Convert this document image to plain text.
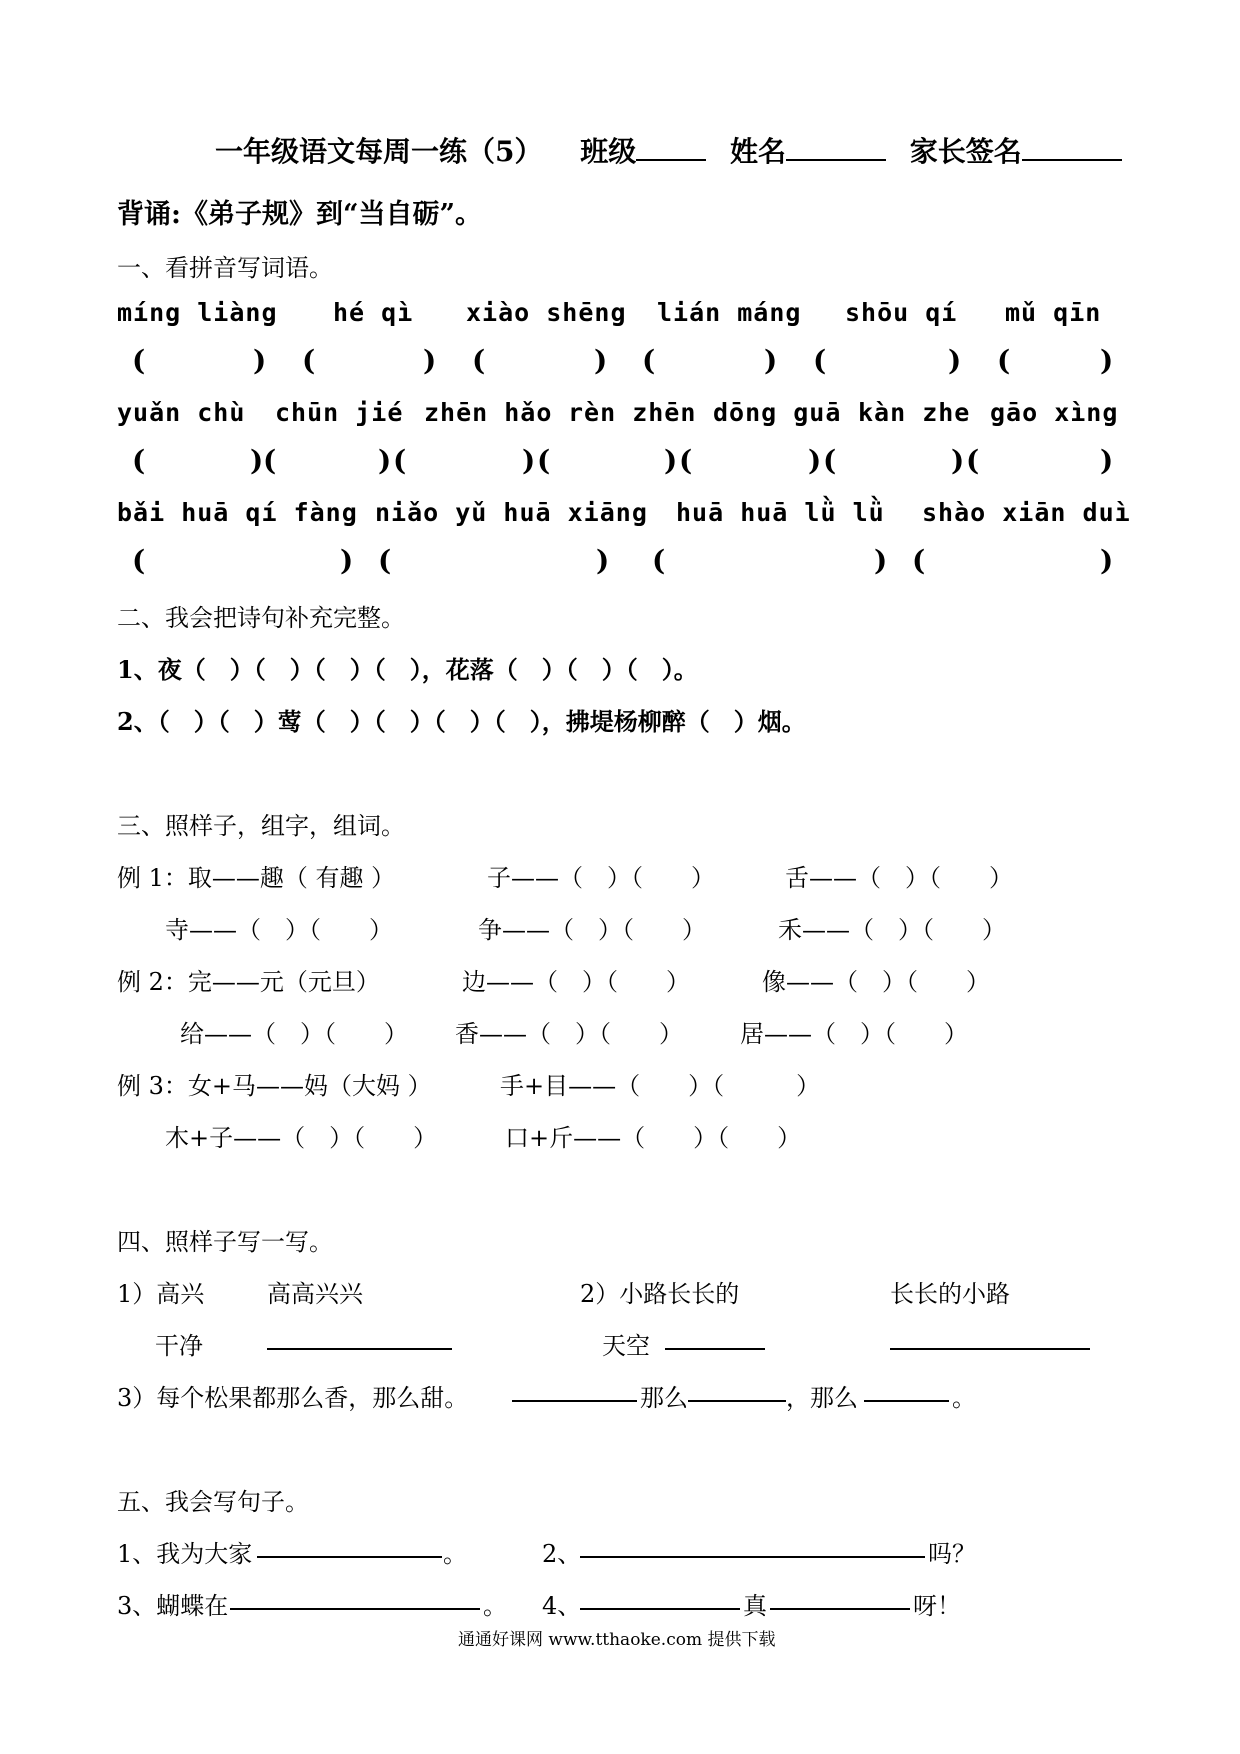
一年级语文每周一练（5） 班级	姓名	家长签名
背诵:《弟子规》到“当自砺”。
一、看拼音写词语。
míng liàng hé qì xiào shēng lián máng shōu qí mǔ qīn
(	) (	) (	) (	) (	) (	)
yuǎn chù chūn jié zhēn hǎo rèn zhēn dōng guā kàn zhe gāo xìng
(	) (	) (	) (	) (	) (	) (	)
bǎi huā qí fàng niǎo yǔ huā xiāng huā huā lǜ lǜ shào xiān duì
(	) (	) (	) (	)
二、我会把诗句补充完整。
1、夜（　）（　）（　）（　），花落（　）（　）（　）。
2、（　）（　）莺（　）（　）（　）（　），拂堤杨柳醉（　）烟。
三、照样子，组字，组词。
例 1：取——趣（ 有趣 ）	子——（　）（　　）	舌——（　）（　　）
寺——（　）（　　）	争——（　）（　　）	禾——（　）（　　）
例 2：完——元（元旦）	边——（　）（　　）	像——（　）（　　）
给——（　）（　　） 香——（　）（　　） 居——（　）（　　）
例 3：女+马——妈（大妈 ）	手+目——（　　）（　　　）
木+子——（　）（　　）	口+斤——（　　）（　　）
四、照样子写一写。
1）高兴	高高兴兴	2）小路长长的	长长的小路
干净	天空
3）每个松果都那么香，那么甜。	那么	，那么	。
五、我会写句子。
1、我为大家	。	2、	吗？
3、蝴蝶在	。 4、	真	呀！
通通好课网 www.tthaoke.com 提供下载
